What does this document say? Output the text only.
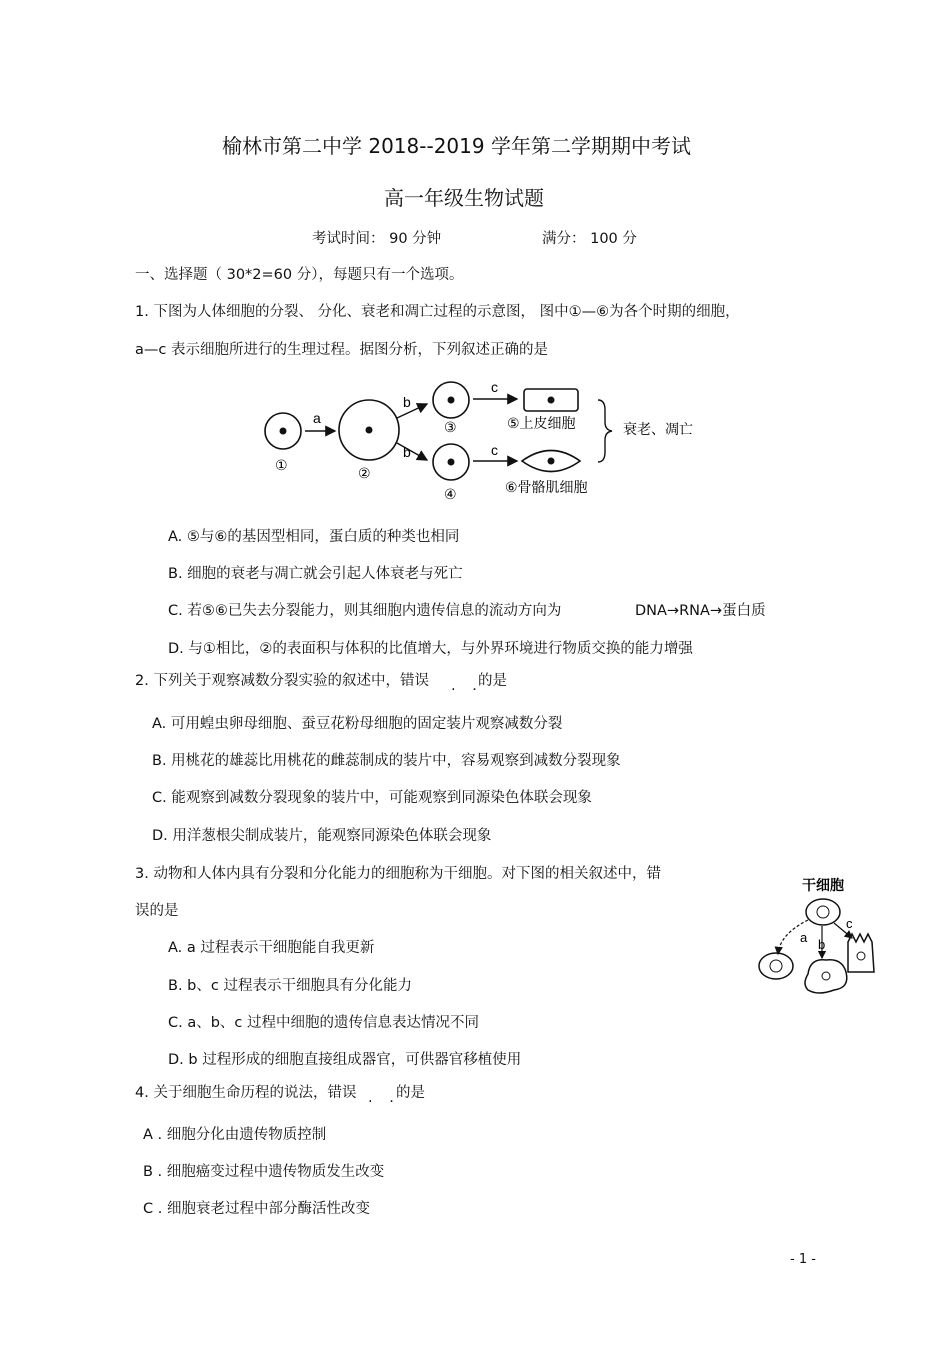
榆林市第二中学 2018--2019 学年第二学期期中考试
高一年级生物试题
考试时间： 90 分钟	满分： 100 分
一、选择题（ 30*2=60 分），每题只有一个选项。
1. 下图为人体细胞的分裂、 分化、衰老和凋亡过程的示意图， 图中①—⑥为各个时期的细胞，
a—c 表示细胞所进行的生理过程。据图分析，下列叙述正确的是
a
b
b
c
c
①	②
③
④
⑤上皮细胞
⑥骨骼肌细胞
衰老、凋亡
A. ⑤与⑥的基因型相同，蛋白质的种类也相同
B. 细胞的衰老与凋亡就会引起人体衰老与死亡
C. 若⑤⑥已失去分裂能力，则其细胞内遗传信息的流动方向为	DNA→RNA→蛋白质
D. 与①相比，②的表面积与体积的比值增大，与外界环境进行物质交换的能力增强
2. 下列关于观察减数分裂实验的叙述中，错误 . .
的是
A. 可用蝗虫卵母细胞、蚕豆花粉母细胞的固定装片观察减数分裂
B. 用桃花的雄蕊比用桃花的雌蕊制成的装片中，容易观察到减数分裂现象
C. 能观察到减数分裂现象的装片中，可能观察到同源染色体联会现象
D. 用洋葱根尖制成装片，能观察同源染色体联会现象
3. 动物和人体内具有分裂和分化能力的细胞称为干细胞。对下图的相关叙述中，错
误的是
干细胞
a b
c
A. a 过程表示干细胞能自我更新
B. b、c 过程表示干细胞具有分化能力
C. a、b、c 过程中细胞的遗传信息表达情况不同
D. b 过程形成的细胞直接组成器官，可供器官移植使用
4. 关于细胞生命历程的说法，错误 . .
的是
A . 细胞分化由遗传物质控制
B . 细胞癌变过程中遗传物质发生改变
C . 细胞衰老过程中部分酶活性改变
- 1 -
